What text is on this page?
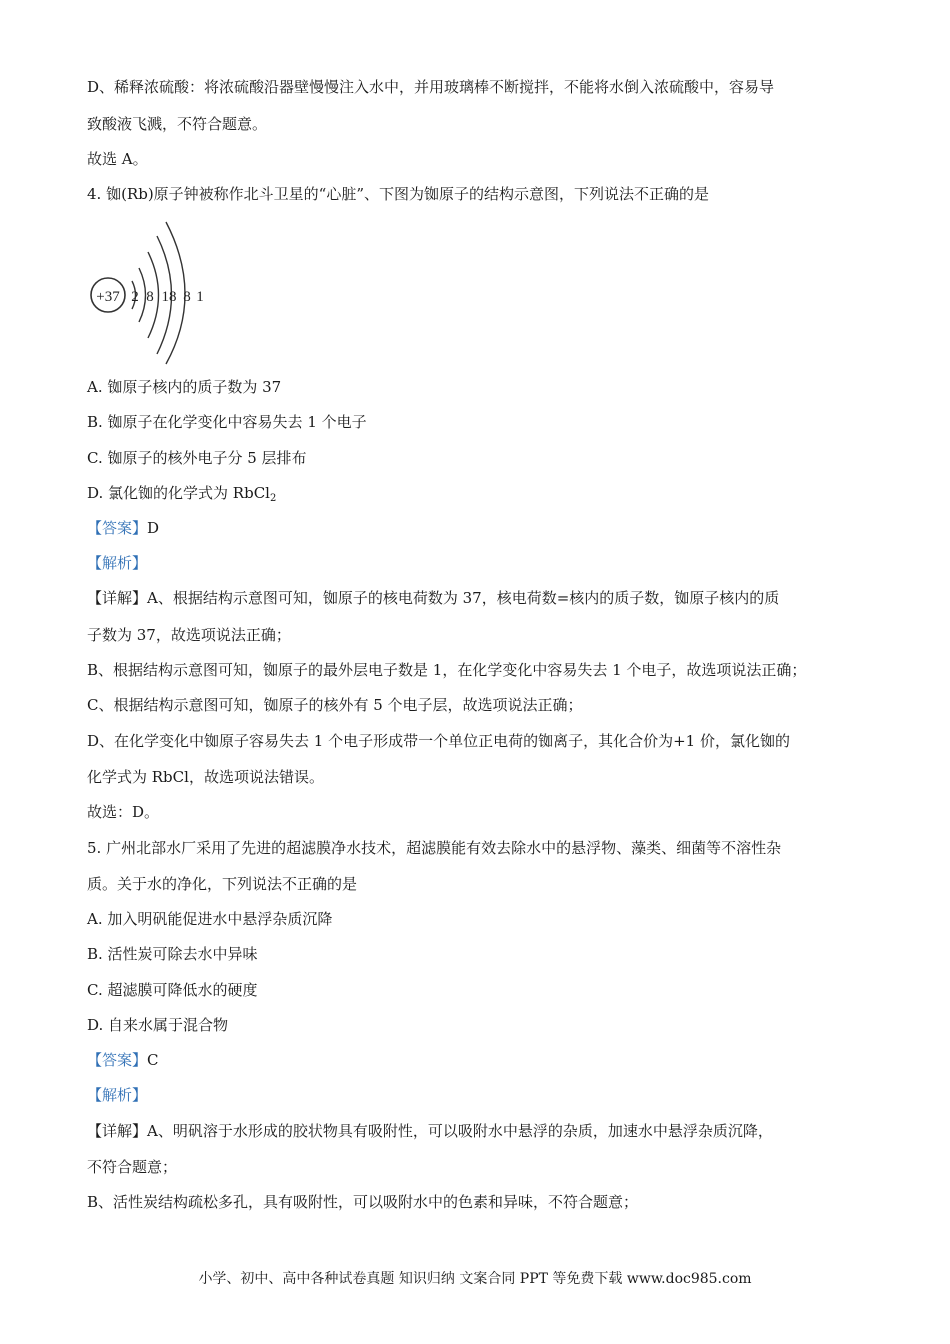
D、稀释浓硫酸：将浓硫酸沿器壁慢慢注入水中，并用玻璃棒不断搅拌，不能将水倒入浓硫酸中，容易导
致酸液飞溅，不符合题意。
故选 A。
4. 铷(Rb)原子钟被称作北斗卫星的“心脏”、下图为铷原子的结构示意图，下列说法不正确的是
+37 2 8 18 8 1
A. 铷原子核内的质子数为 37
B. 铷原子在化学变化中容易失去 1 个电子
C. 铷原子的核外电子分 5 层排布
D. 氯化铷的化学式为 RbCl$_2$
【答案】D
【解析】
【详解】A、根据结构示意图可知，铷原子的核电荷数为 37，核电荷数=核内的质子数，铷原子核内的质
子数为 37，故选项说法正确；
B、根据结构示意图可知，铷原子的最外层电子数是 1，在化学变化中容易失去 1 个电子，故选项说法正确；
C、根据结构示意图可知，铷原子的核外有 5 个电子层，故选项说法正确；
D、在化学变化中铷原子容易失去 1 个电子形成带一个单位正电荷的铷离子，其化合价为+1 价，氯化铷的
化学式为 RbCl，故选项说法错误。
故选：D。
5. 广州北部水厂采用了先进的超滤膜净水技术，超滤膜能有效去除水中的悬浮物、藻类、细菌等不溶性杂
质。关于水的净化，下列说法不正确的是
A. 加入明矾能促进水中悬浮杂质沉降
B. 活性炭可除去水中异味
C. 超滤膜可降低水的硬度
D. 自来水属于混合物
【答案】C
【解析】
【详解】A、明矾溶于水形成的胶状物具有吸附性，可以吸附水中悬浮的杂质，加速水中悬浮杂质沉降，
不符合题意；
B、活性炭结构疏松多孔，具有吸附性，可以吸附水中的色素和异味，不符合题意；
小学、初中、高中各种试卷真题 知识归纳 文案合同 PPT 等免费下载 www.doc985.com
